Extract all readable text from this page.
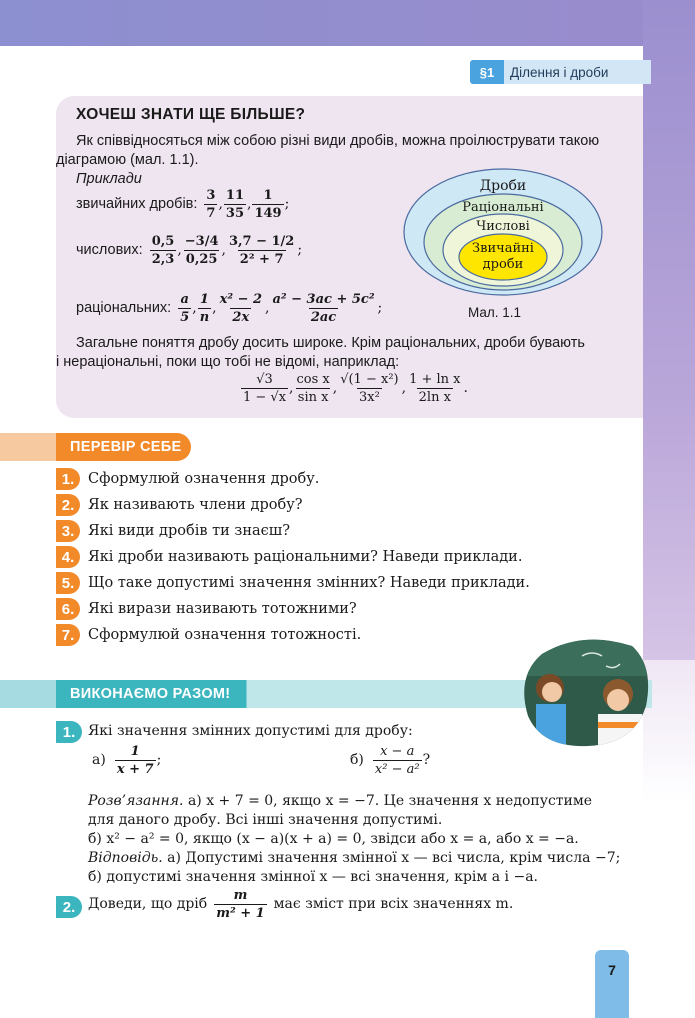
§1	Ділення і дроби
ХОЧЕШ ЗНАТИ ЩЕ БІЛЬШЕ?
Як співвідносяться між собою різні види дробів, можна проілюструвати такою
діаграмою (мал. 1.1).
Приклади
звичайних дробів: $\frac{3}{7}$ , $\frac{11}{35}$ , $\frac{1}{149}$ ;
числових: $\frac{0,5}{2,3}$ , $\frac{-3/4}{0,25}$ , $\frac{3,7 - 1/2}{\text{2² + 7}}$ ;
раціональних: $\frac{a}{5}$ , $\frac{1}{n}$ , $\frac{\text{x² − 2}}{2x}$ , $\frac{\text{a² − 3ac + 5c²}}{2ac}$ ;
Дроби
Раціональні
Числові
Звичайні
дроби
Мал. 1.1
Загальне поняття дробу досить широке. Крім раціональних, дроби бувають
і нераціональні, поки що тобі не відомі, наприклад:
$\frac{√3}{1 - √x}$ , $\frac{\text{cos x}}{\text{sin x}}$ , $\frac{\text{√(1 − x²)}}{\text{3x²}}$ , $\frac{\text{1 + ln x}}{\text{2ln x}}$ .
ПЕРЕВІР СЕБЕ
1. Сформулюй означення дробу.
2. Як називають члени дробу?
3. Які види дробів ти знаєш?
4. Які дроби називають раціональними? Наведи приклади.
5. Що таке допустимі значення змінних? Наведи приклади.
6. Які вирази називають тотожними?
7. Сформулюй означення тотожності.
ВИКОНАЄМО РАЗОМ!
1. Які значення змінних допустимі для дробу:
$а) \frac{1}{x + 7}$ ;	$б) \frac{x - a}{\text{x² − a²}}$ ?
Розв’язання. а) x + 7 = 0, якщо x = −7. Це значення x недопустиме
для даного дробу. Всі інші значення допустимі.
б) x² − a² = 0, якщо (x − a)(x + a) = 0, звідси або x = a, або x = −a.
Відповідь. а) Допустимі значення змінної x — всі числа, крім числа −7;
б) допустимі значення змінної x — всі значення, крім a і −a.
2. Доведи, що дріб $\frac{m}{\text{m² + 1}}$ має зміст при всіх значеннях m.
7
